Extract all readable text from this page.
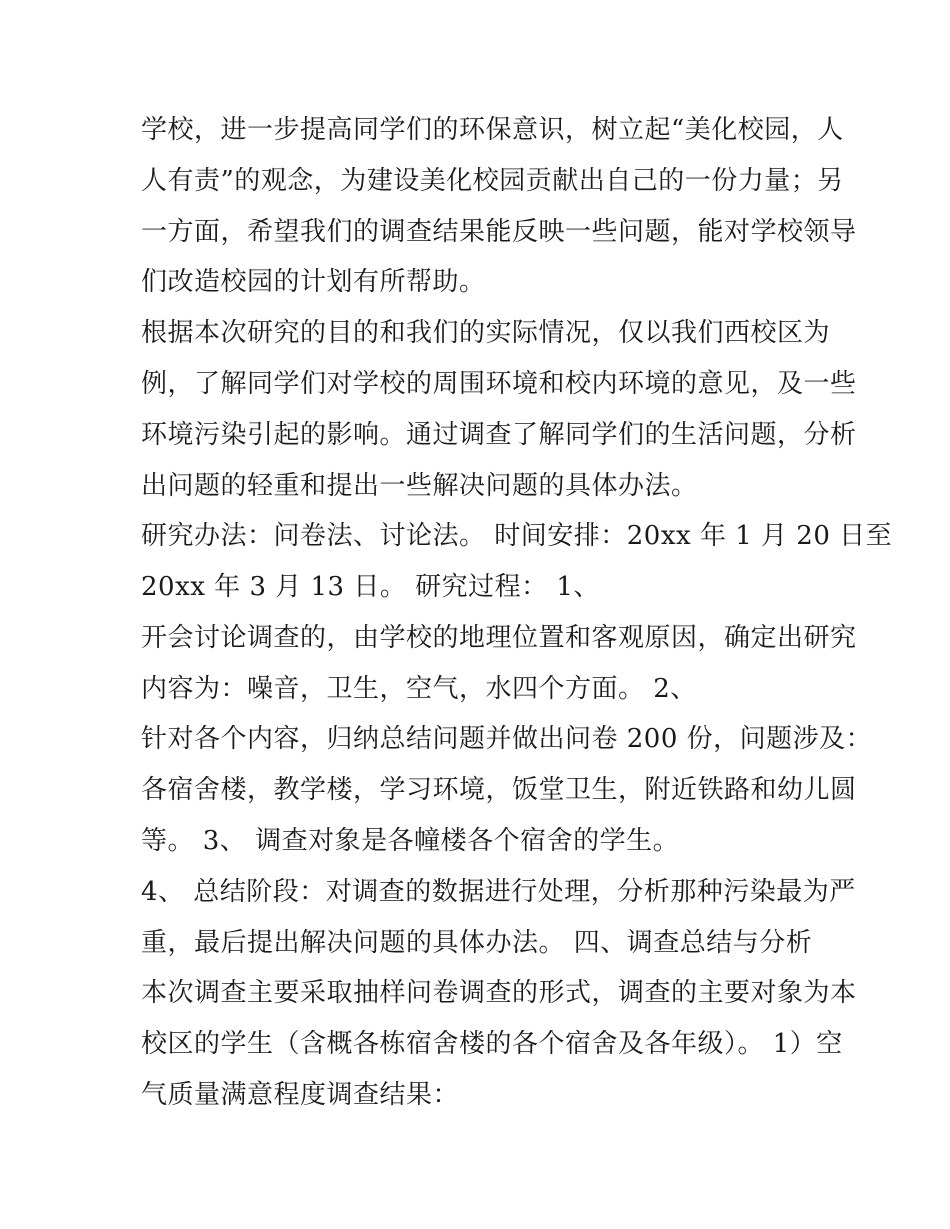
学校，进一步提高同学们的环保意识，树立起“美化校园，人
人有责”的观念，为建设美化校园贡献出自己的一份力量；另
一方面，希望我们的调查结果能反映一些问题，能对学校领导
们改造校园的计划有所帮助。
根据本次研究的目的和我们的实际情况，仅以我们西校区为
例，了解同学们对学校的周围环境和校内环境的意见，及一些
环境污染引起的影响。通过调查了解同学们的生活问题，分析
出问题的轻重和提出一些解决问题的具体办法。
研究办法：问卷法、讨论法。 时间安排：20xx 年 1 月 20 日至
20xx 年 3 月 13 日。 研究过程： 1、
开会讨论调查的，由学校的地理位置和客观原因，确定出研究
内容为：噪音，卫生，空气，水四个方面。 2、
针对各个内容，归纳总结问题并做出问卷 200 份，问题涉及：
各宿舍楼，教学楼，学习环境，饭堂卫生，附近铁路和幼儿圆
等。 3、 调查对象是各幢楼各个宿舍的学生。
4、 总结阶段：对调查的数据进行处理，分析那种污染最为严
重，最后提出解决问题的具体办法。 四、调查总结与分析
本次调查主要采取抽样问卷调查的形式，调查的主要对象为本
校区的学生（含概各栋宿舍楼的各个宿舍及各年级）。 1）空
气质量满意程度调查结果：
